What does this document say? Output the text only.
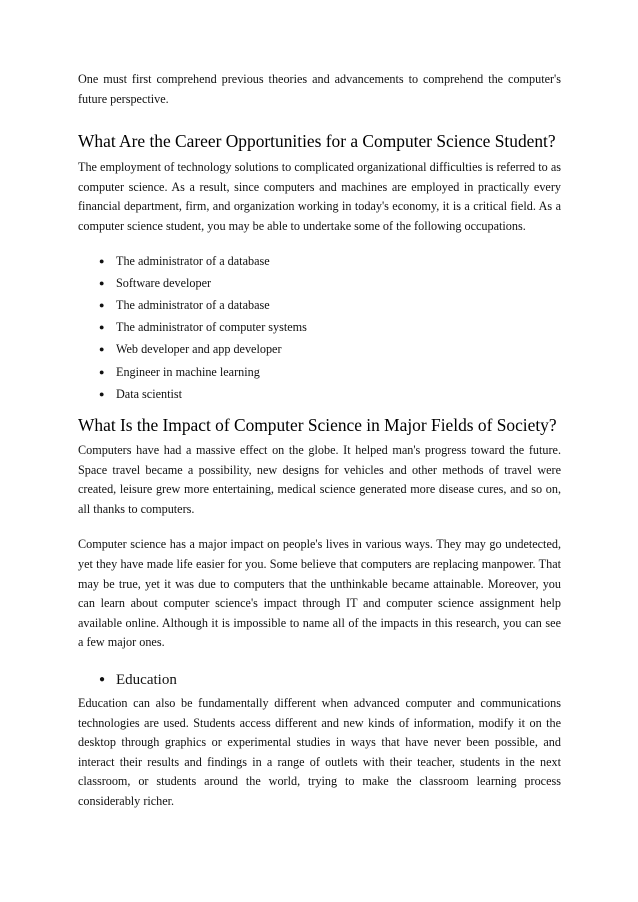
One must first comprehend previous theories and advancements to comprehend the computer's future perspective.

What Are the Career Opportunities for a Computer Science Student?

The employment of technology solutions to complicated organizational difficulties is referred to as computer science. As a result, since computers and machines are employed in practically every financial department, firm, and organization working in today's economy, it is a critical field. As a computer science student, you may be able to undertake some of the following occupations.

● The administrator of a database
● Software developer
● The administrator of a database
● The administrator of computer systems
● Web developer and app developer
● Engineer in machine learning
● Data scientist
What Is the Impact of Computer Science in Major Fields of Society?

Computers have had a massive effect on the globe. It helped man's progress toward the future. Space travel became a possibility, new designs for vehicles and other methods of travel were created, leisure grew more entertaining, medical science generated more disease cures, and so on, all thanks to computers.

Computer science has a major impact on people's lives in various ways. They may go undetected, yet they have made life easier for you. Some believe that computers are replacing manpower. That may be true, yet it was due to computers that the unthinkable became attainable. Moreover, you can learn about computer science's impact through IT and computer science assignment help available online. Although it is impossible to name all of the impacts in this research, you can see a few major ones.

● Education

Education can also be fundamentally different when advanced computer and communications technologies are used. Students access different and new kinds of information, modify it on the desktop through graphics or experimental studies in ways that have never been possible, and interact their results and findings in a range of outlets with their teacher, students in the next classroom, or students around the world, trying to make the classroom learning process considerably richer.
